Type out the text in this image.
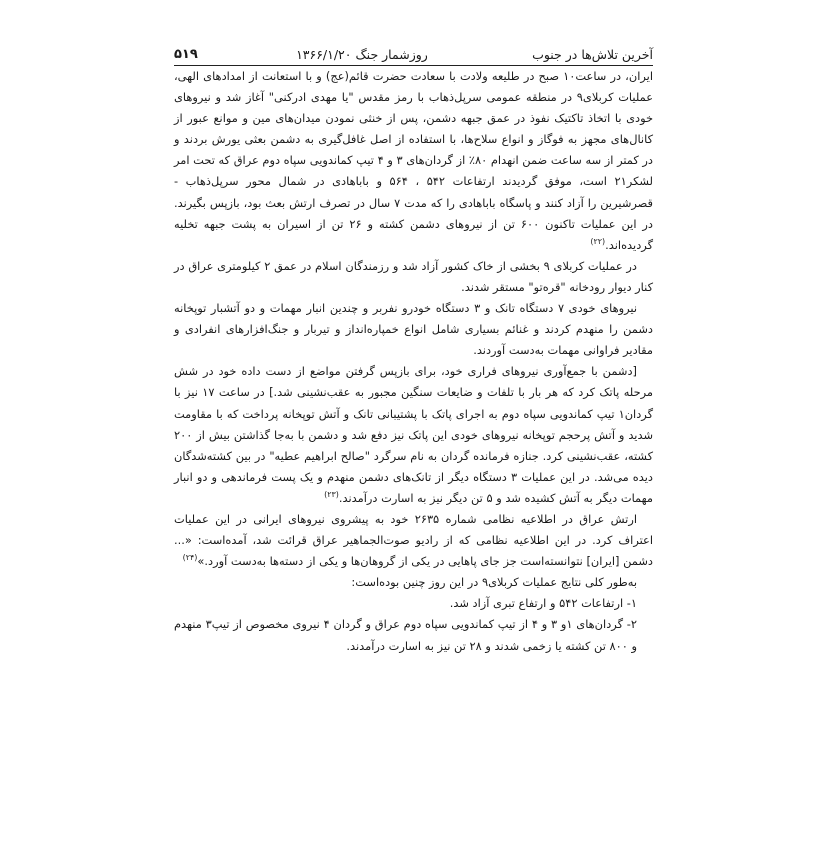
آخرین تلاش‌ها در جنوب
روزشمار جنگ
۱۳۶۶/۱/۲۰
۵۱۹

ایران، در ساعت۱۰ صبح در طلیعه ولادت با سعادت حضرت قائم(عج) و با استعانت از امدادهای الهی، عملیات کربلای۹ در منطقه عمومی سرپل‌ذهاب با رمز مقدس "یا مهدی ادرکنی" آغاز شد و نیروهای خودی با اتخاذ تاکتیک نفوذ در عمق جبهه دشمن، پس از خنثی نمودن میدان‌های مین و موانع عبور از کانال‌های مجهز به فوگاز و انواع سلاح‌ها، با استفاده از اصل غافل‌گیری به دشمن بعثی یورش بردند و در کمتر از سه ساعت ضمن انهدام ۸۰٪ از گردان‌های ۳ و ۴ تیپ کماندویی سپاه دوم عراق که تحت امر لشکر۲۱ است، موفق گردیدند ارتفاعات ۵۴۲ ، ۵۶۴ و باباهادی در شمال محور سرپل‌ذهاب - قصرشیرین را آزاد کنند و پاسگاه باباهادی را که مدت ۷ سال در تصرف ارتش بعث بود، بازپس بگیرند. در این عملیات تاکنون ۶۰۰ تن از نیروهای دشمن کشته و ۲۶ تن از اسیران به پشت جبهه تخلیه گردیده‌اند.$^{(۲۲)}$

در عملیات کربلای ۹ بخشی از خاک کشور آزاد شد و رزمندگان اسلام در عمق ۲ کیلومتری عراق در کنار دیوار رودخانه "قره‌تو" مستقر شدند.

نیروهای خودی ۷ دستگاه تانک و ۳ دستگاه خودرو نفربر و چندین انبار مهمات و دو آتشبار توپخانه دشمن را منهدم کردند و غنائم بسیاری شامل انواع خمپاره‌انداز و تیربار و جنگ‌افزارهای انفرادی و مقادیر فراوانی مهمات به‌دست آوردند.

[دشمن با جمع‌آوری نیروهای فراری خود، برای بازپس گرفتن مواضع از دست داده خود در شش مرحله پاتک کرد که هر بار با تلفات و ضایعات سنگین مجبور به عقب‌نشینی شد.] در ساعت ۱۷ نیز با گردان۱ تیپ کماندویی سپاه دوم به اجرای پاتک با پشتیبانی تانک و آتش توپخانه پرداخت که با مقاومت شدید و آتش پرحجم توپخانه نیروهای خودی این پاتک نیز دفع شد و دشمن با به‌جا گذاشتن بیش از ۲۰۰ کشته، عقب‌نشینی کرد. جنازه فرمانده گردان به نام سرگرد "صالح ابراهیم عطیه" در بین کشته‌شدگان دیده می‌شد. در این عملیات ۳ دستگاه دیگر از تانک‌های دشمن منهدم و یک پست فرماندهی و دو انبار مهمات دیگر به آتش کشیده شد و ۵ تن دیگر نیز به اسارت درآمدند.$^{(۲۳)}$

ارتش عراق در اطلاعیه نظامی شماره ۲۶۳۵ خود به پیشروی نیروهای ایرانی در این عملیات اعتراف کرد. در این اطلاعیه نظامی که از رادیو صوت‌الجماهیر عراق قرائت شد، آمده‌است: «... دشمن [ایران] نتوانسته‌است جز جای پاهایی در یکی از گروهان‌ها و یکی از دسته‌ها به‌دست آورد.»$^{(۲۴)}$

به‌طور کلی نتایج عملیات کربلای۹ در این روز چنین بوده‌است:

۱- ارتفاعات ۵۴۲ و ارتفاع تبری آزاد شد.
۲- گردان‌های ۱و ۳ و ۴ از تیپ کماندویی سپاه دوم عراق و گردان ۴ نیروی مخصوص از تیپ۳ منهدم و ۸۰۰ تن کشته یا زخمی شدند و ۲۸ تن نیز به اسارت درآمدند.
